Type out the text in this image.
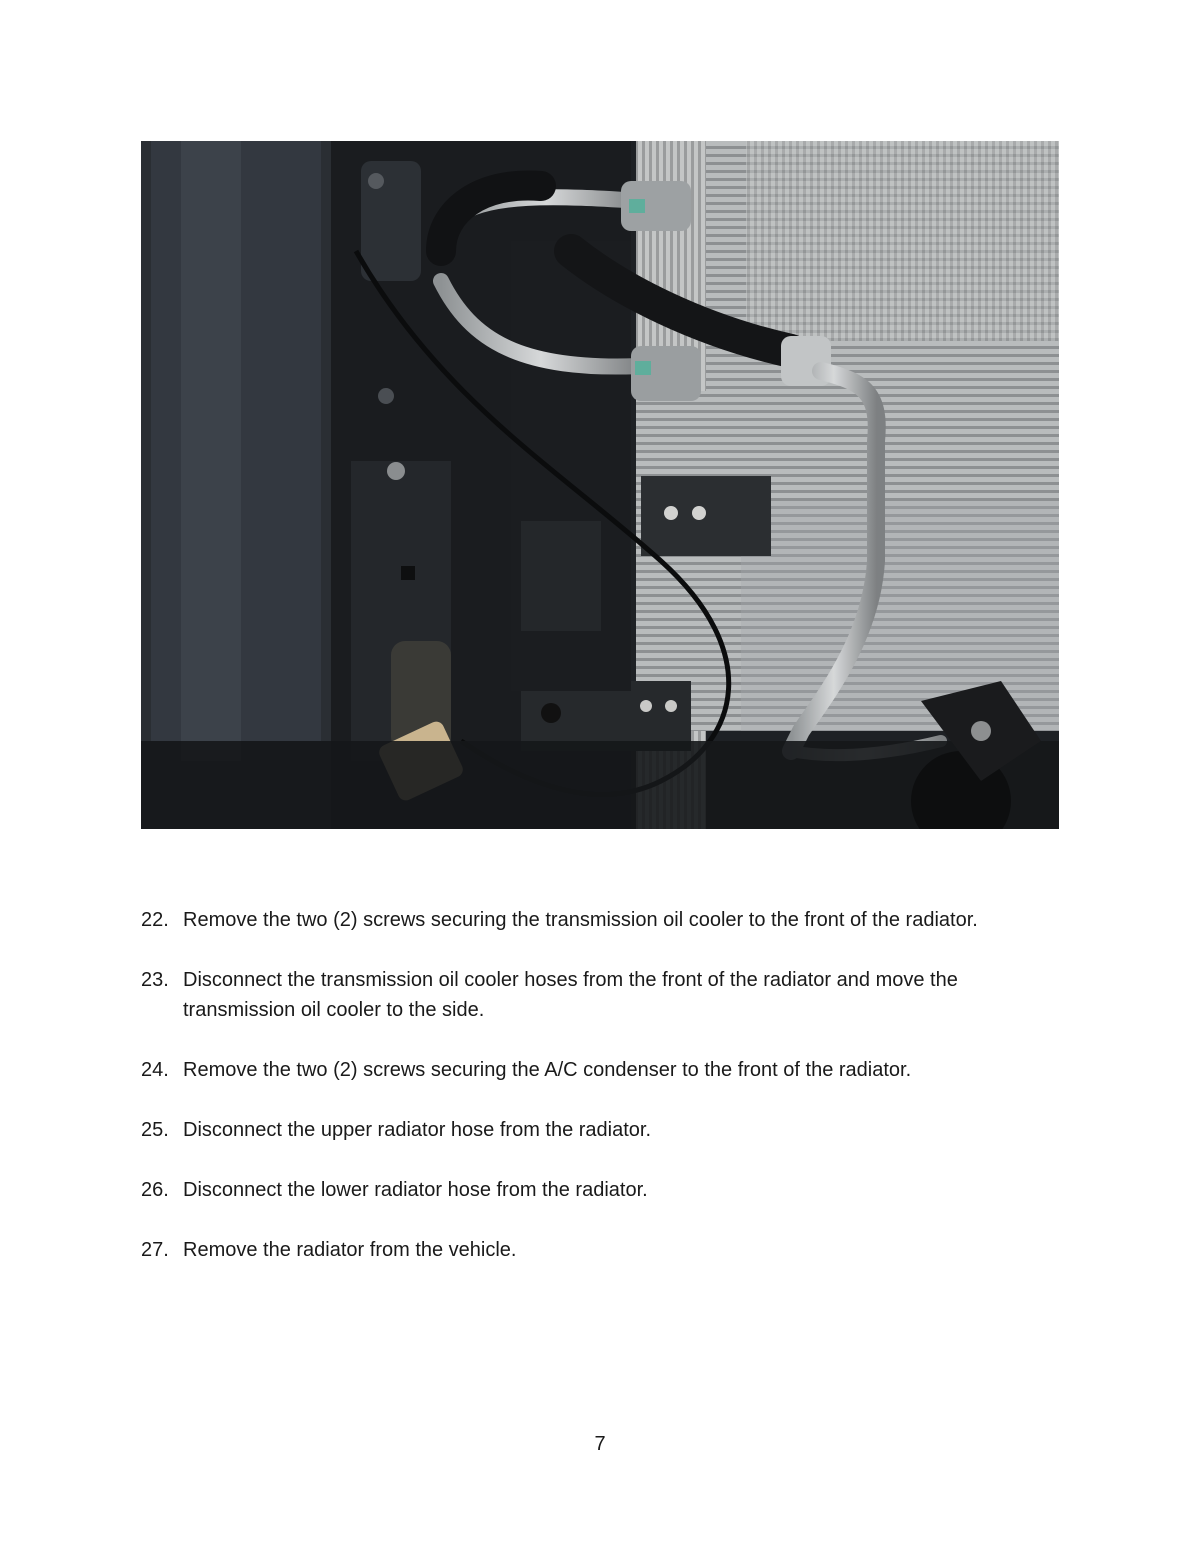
22. Remove the two (2) screws securing the transmission oil cooler to the front of the radiator.
23. Disconnect the transmission oil cooler hoses from the front of the radiator and move the transmission oil cooler to the side.
24. Remove the two (2) screws securing the A/C condenser to the front of the radiator.
25. Disconnect the upper radiator hose from the radiator.
26. Disconnect the lower radiator hose from the radiator.
27. Remove the radiator from the vehicle.
7
